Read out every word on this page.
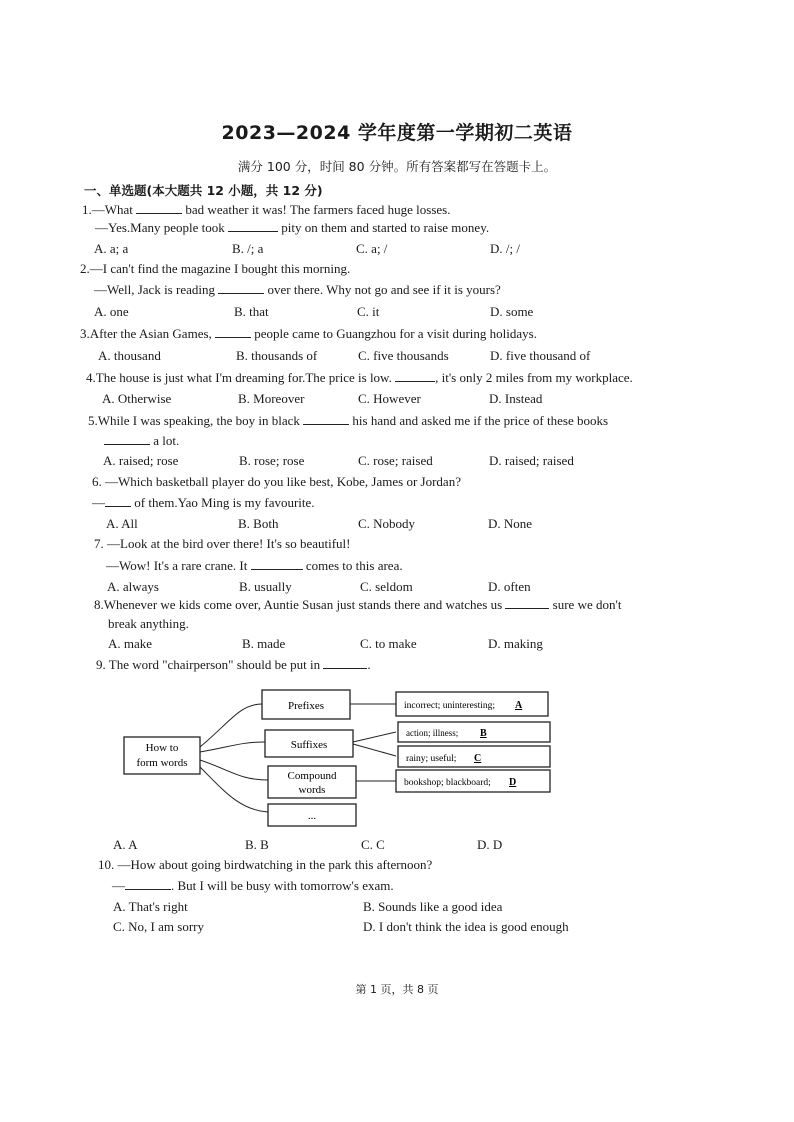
2023—2024 学年度第一学期初二英语
满分 100 分，时间 80 分钟。所有答案都写在答题卡上。
一、单选题(本大题共 12 小题，共 12 分)
1.—What	bad weather it was! The farmers faced huge losses.
—Yes.Many people took	pity on them and started to raise money.
A. a; a	B. /; a	C. a; /	D. /; /
2.—I can't find the magazine I bought this morning.
—Well, Jack is reading	over there. Why not go and see if it is yours?
A. one	B. that	C. it	D. some
3.After the Asian Games,	people came to Guangzhou for a visit during holidays.
A. thousand	B. thousands of	C. five thousands	D. five thousand of
4.The house is just what I'm dreaming for.The price is low.	, it's only 2 miles from my workplace.
A. Otherwise	B. Moreover	C. However	D. Instead
5.While I was speaking, the boy in black	his hand and asked me if the price of these books
a lot.
A. raised; rose	B. rose; rose	C. rose; raised	D. raised; raised
6. —Which basketball player do you like best, Kobe, James or Jordan?
— of them.Yao Ming is my favourite.
A. All	B. Both	C. Nobody	D. None
7. —Look at the bird over there! It's so beautiful!
—Wow! It's a rare crane. It	comes to this area.
A. always	B. usually	C. seldom	D. often
8.Whenever we kids come over, Auntie Susan just stands there and watches us	sure we don't
break anything.
A. make	B. made	C. to make	D. making
9. The word "chairperson" should be put in	.
How to
form words
Prefixes
Suffixes
Compound
words
...
incorrect; uninteresting; A
action; illness; B
rainy; useful; C
bookshop; blackboard; D
A. A	B. B	C. C	D. D
10. —How about going birdwatching in the park this afternoon?
—	. But I will be busy with tomorrow's exam.
A. That's right	B. Sounds like a good idea
C. No, I am sorry	D. I don't think the idea is good enough
第 1 页，共 8 页
